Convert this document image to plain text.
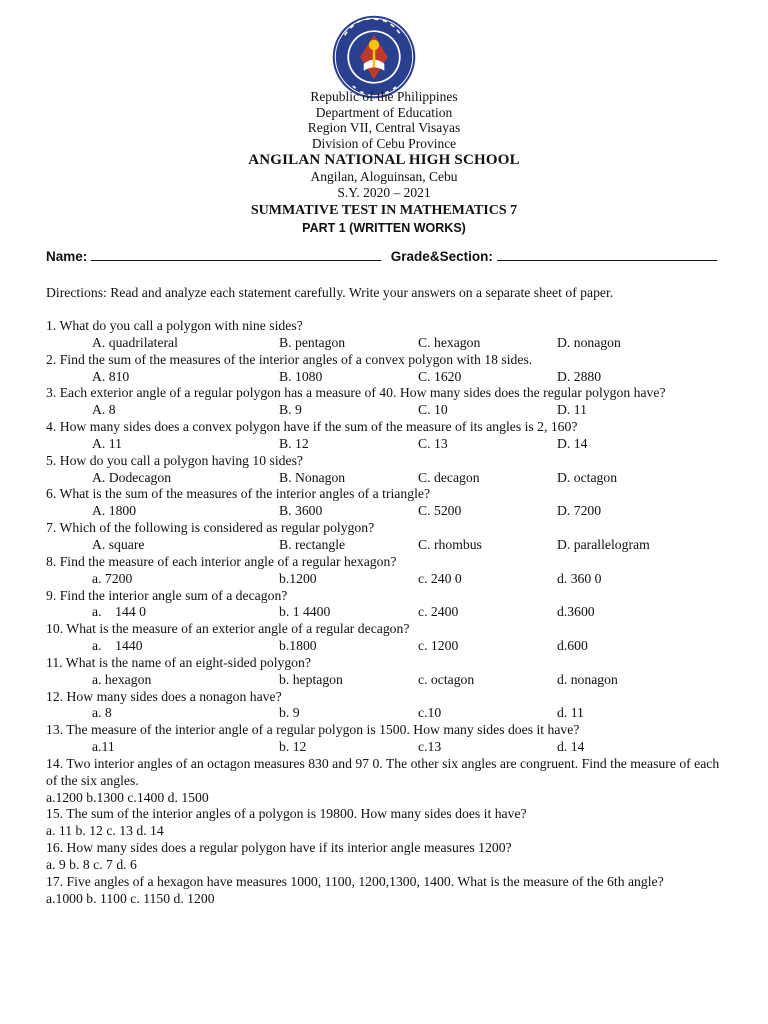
Republic of the Philippines
Department of Education
Region VII, Central Visayas
Division of Cebu Province
ANGILAN NATIONAL HIGH SCHOOL
Angilan, Aloguinsan, Cebu
S.Y. 2020 – 2021
SUMMATIVE TEST IN MATHEMATICS 7
PART 1 (WRITTEN WORKS)
Name:	Grade&Section:
Directions: Read and analyze each statement carefully. Write your answers on a separate sheet of paper.
1. What do you call a polygon with nine sides?
A. quadrilateral	B. pentagon	C. hexagon	D. nonagon
2. Find the sum of the measures of the interior angles of a convex polygon with 18 sides.
A. 810	B. 1080	C. 1620	D. 2880
3. Each exterior angle of a regular polygon has a measure of 40. How many sides does the regular polygon have?
A. 8	B. 9	C. 10	D. 11
4. How many sides does a convex polygon have if the sum of the measure of its angles is 2, 160?
A. 11	B. 12	C. 13	D. 14
5. How do you call a polygon having 10 sides?
A. Dodecagon	B. Nonagon	C. decagon	D. octagon
6. What is the sum of the measures of the interior angles of a triangle?
A. 1800	B. 3600	C. 5200	D. 7200
7. Which of the following is considered as regular polygon?
A. square	B. rectangle	C. rhombus	D. parallelogram
8. Find the measure of each interior angle of a regular hexagon?
a. 7200	b.1200	c. 240 0	d. 360 0
9. Find the interior angle sum of a decagon?
a.    144 0	b. 1 4400	c. 2400	d.3600
10. What is the measure of an exterior angle of a regular decagon?
a.    1440	b.1800	c. 1200	d.600
11. What is the name of an eight-sided polygon?
a. hexagon	b. heptagon	c. octagon	d. nonagon
12. How many sides does a nonagon have?
a. 8	b. 9	c.10	d. 11
13. The measure of the interior angle of a regular polygon is 1500. How many sides does it have?
a.11	b. 12	c.13	d. 14
14. Two interior angles of an octagon measures 830 and 97 0. The other six angles are congruent. Find the measure of each of the six angles.
a.1200 b.1300 c.1400 d. 1500
15. The sum of the interior angles of a polygon is 19800. How many sides does it have?
a. 11 b. 12 c. 13 d. 14
16. How many sides does a regular polygon have if its interior angle measures 1200?
a. 9 b. 8 c. 7 d. 6
17. Five angles of a hexagon have measures 1000, 1100, 1200,1300, 1400. What is the measure of the 6th angle?
a.1000 b. 1100 c. 1150 d. 1200
